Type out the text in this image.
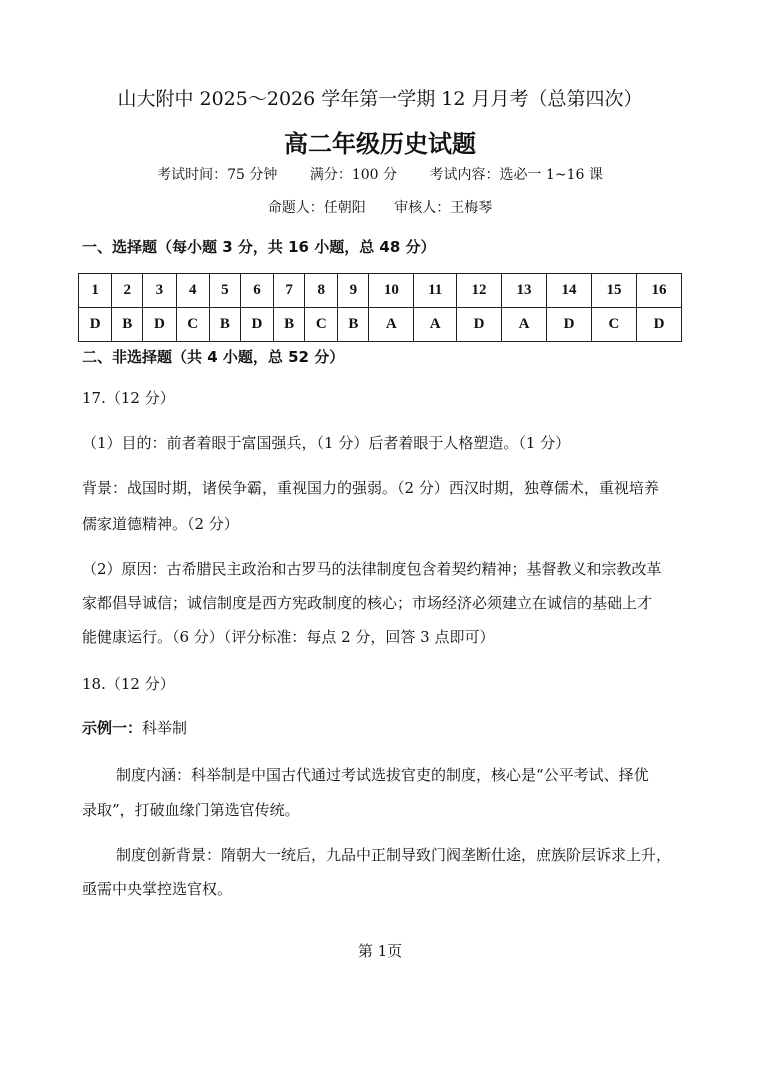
山大附中 2025～2026 学年第一学期 12 月月考（总第四次）
高二年级历史试题
考试时间：75 分钟 满分：100 分 考试内容：选必一 1~16 课
命题人：任朝阳 审核人：王梅琴
一、选择题（每小题 3 分，共 16 小题，总 48 分）
1	2	3	4	5	6	7	8	9	10	11	12	13	14	15	16
D	B	D	C	B	D	B	C	B	A	A	D	A	D	C	D
二、非选择题（共 4 小题，总 52 分）
17.（12 分）
（1）目的：前者着眼于富国强兵，（1 分）后者着眼于人格塑造。（1 分）
背景：战国时期，诸侯争霸，重视国力的强弱。（2 分）西汉时期，独尊儒术，重视培养
儒家道德精神。（2 分）
（2）原因：古希腊民主政治和古罗马的法律制度包含着契约精神；基督教义和宗教改革
家都倡导诚信；诚信制度是西方宪政制度的核心；市场经济必须建立在诚信的基础上才
能健康运行。（6 分）（评分标准：每点 2 分，回答 3 点即可）
18.（12 分）
示例一：科举制
制度内涵：科举制是中国古代通过考试选拔官吏的制度，核心是“公平考试、择优
录取”，打破血缘门第选官传统。
制度创新背景：隋朝大一统后，九品中正制导致门阀垄断仕途，庶族阶层诉求上升，
亟需中央掌控选官权。
第 1页
